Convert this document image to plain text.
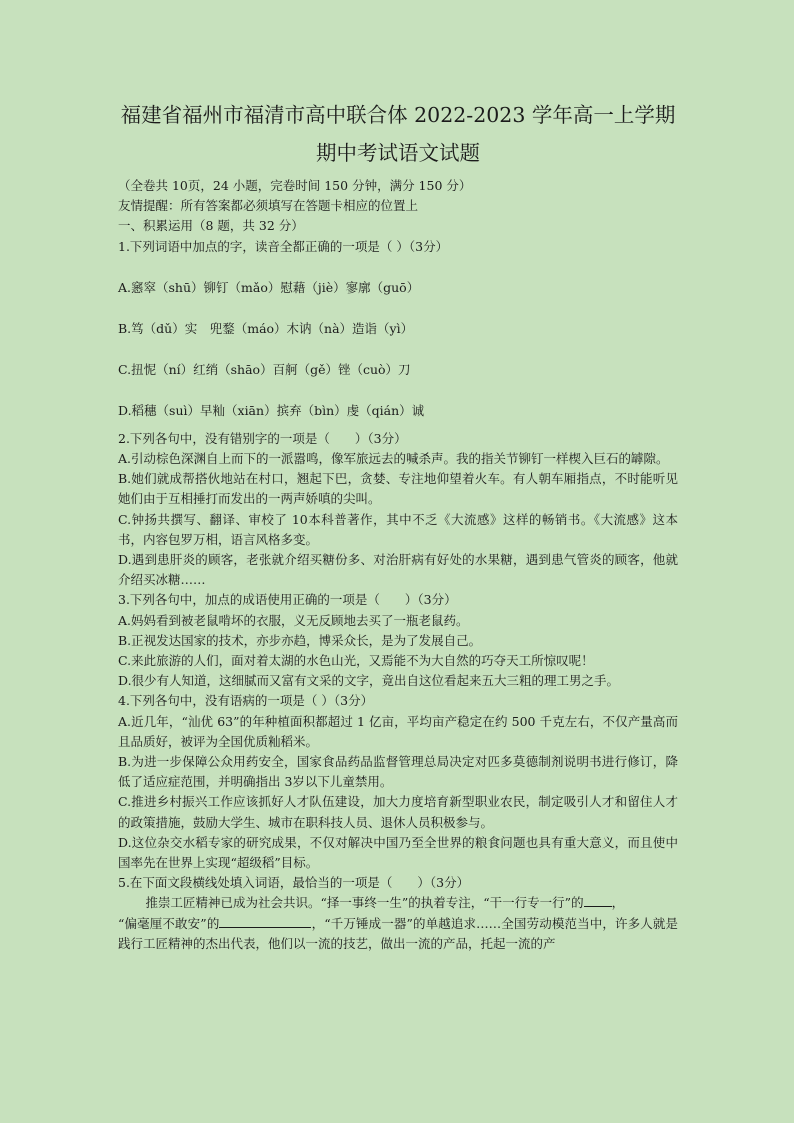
福建省福州市福清市高中联合体 2022-2023 学年高一上学期
期中考试语文试题

（全卷共 10页，24 小题，完卷时间 150 分钟，满分 150 分）

友情提醒：所有答案都必须填写在答题卡相应的位置上

一、积累运用（8 题，共 32 分）

1.下列词语中加点的字，读音全都正确的一项是（ ）（3分）

A.窸窣（shū）铆钉（mǎo）慰藉（jiè）寥廓（guō）

B.笃（dǔ）实　兜鍪（máo）木讷（nà）造诣（yì）

C.扭怩（ní）红绡（shāo）百舸（gě）锉（cuò）刀

D.稻穗（suì）早籼（xiān）摈弃（bìn）虔（qián）诚

2.下列各句中，没有错别字的一项是（　　）（3分）

A.引动棕色深渊自上而下的一派嚣鸣，像军旅远去的喊杀声。我的指关节铆钉一样楔入巨石的罅隙。

B.她们就成帮搭伙地站在村口，翘起下巴，贪婪、专注地仰望着火车。有人朝车厢指点，不时能听见她们由于互相捶打而发出的一两声娇嗔的尖叫。

C.钟扬共撰写、翻译、审校了 10本科普著作，其中不乏《大流感》这样的畅销书。《大流感》这本书，内容包罗万相，语言风格多变。

D.遇到患肝炎的顾客，老张就介绍买糖份多、对治肝病有好处的水果糖，遇到患气管炎的顾客，他就介绍买冰糖……

3.下列各句中，加点的成语使用正确的一项是（　　）（3分）

A.妈妈看到被老鼠啃坏的衣服，义无反顾地去买了一瓶老鼠药。

B.正视发达国家的技术，亦步亦趋，博采众长，是为了发展自己。

C.来此旅游的人们，面对着太湖的水色山光，又焉能不为大自然的巧夺天工所惊叹呢！

D.很少有人知道，这细腻而又富有文采的文字，竟出自这位看起来五大三粗的理工男之手。

4.下列各句中，没有语病的一项是（ ）（3分）

A.近几年，“汕优 63”的年种植面积都超过 1 亿亩，平均亩产稳定在约 500 千克左右，不仅产量高而且品质好，被评为全国优质籼稻米。

B.为进一步保障公众用药安全，国家食品药品监督管理总局决定对匹多莫德制剂说明书进行修订，降低了适应症范围，并明确指出 3岁以下儿童禁用。

C.推进乡村振兴工作应该抓好人才队伍建设，加大力度培育新型职业农民，制定吸引人才和留住人才的政策措施，鼓励大学生、城市在职科技人员、退休人员积极参与。

D.这位杂交水稻专家的研究成果，不仅对解决中国乃至全世界的粮食问题也具有重大意义，而且使中国率先在世界上实现“超级稻”目标。

5.在下面文段横线处填入词语，最恰当的一项是（　　）（3分）

推崇工匠精神已成为社会共识。“择一事终一生”的执着专注，“干一行专一行”的 ，

“偏毫厘不敢安”的	，“千万锤成一器”的单越追求……全国劳动模范当中，许多人就是践行工匠精神的杰出代表，他们以一流的技艺，做出一流的产品，托起一流的产
